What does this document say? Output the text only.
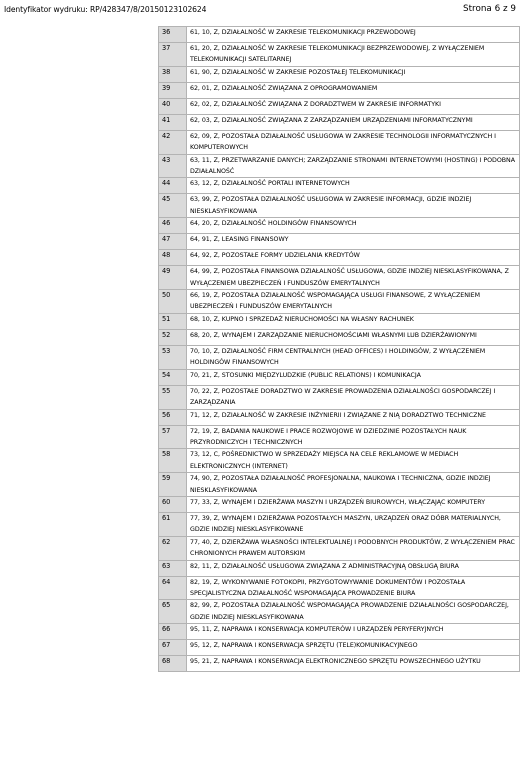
Identyfikator wydruku: RP/428347/8/20150123102624	Strona 6 z 9
36	61, 10, Z, DZIAŁALNOŚĆ W ZAKRESIE TELEKOMUNIKACJI PRZEWODOWEJ
37	61, 20, Z, DZIAŁALNOŚĆ W ZAKRESIE TELEKOMUNIKACJI BEZPRZEWODOWEJ, Z WYŁĄCZENIEM TELEKOMUNIKACJI SATELITARNEJ
38	61, 90, Z, DZIAŁALNOŚĆ W ZAKRESIE POZOSTAŁEJ TELEKOMUNIKACJI
39	62, 01, Z, DZIAŁALNOŚĆ ZWIĄZANA Z OPROGRAMOWANIEM
40	62, 02, Z, DZIAŁALNOŚĆ ZWIĄZANA Z DORADZTWEM W ZAKRESIE INFORMATYKI
41	62, 03, Z, DZIAŁALNOŚĆ ZWIĄZANA Z ZARZĄDZANIEM URZĄDZENIAMI INFORMATYCZNYMI
42	62, 09, Z, POZOSTAŁA DZIAŁALNOŚĆ USŁUGOWA W ZAKRESIE TECHNOLOGII INFORMATYCZNYCH I KOMPUTEROWYCH
43	63, 11, Z, PRZETWARZANIE DANYCH; ZARZĄDZANIE STRONAMI INTERNETOWYMI (HOSTING) I PODOBNA DZIAŁALNOŚĆ
44	63, 12, Z, DZIAŁALNOŚĆ PORTALI INTERNETOWYCH
45	63, 99, Z, POZOSTAŁA DZIAŁALNOŚĆ USŁUGOWA W ZAKRESIE INFORMACJI, GDZIE INDZIEJ NIESKLASYFIKOWANA
46	64, 20, Z, DZIAŁALNOŚĆ HOLDINGÓW FINANSOWYCH
47	64, 91, Z, LEASING FINANSOWY
48	64, 92, Z, POZOSTAŁE FORMY UDZIELANIA KREDYTÓW
49	64, 99, Z, POZOSTAŁA FINANSOWA DZIAŁALNOŚĆ USŁUGOWA, GDZIE INDZIEJ NIESKLASYFIKOWANA, Z WYŁĄCZENIEM UBEZPIECZEŃ I FUNDUSZÓW EMERYTALNYCH
50	66, 19, Z, POZOSTAŁA DZIAŁALNOŚĆ WSPOMAGAJĄCA USŁUGI FINANSOWE, Z WYŁĄCZENIEM UBEZPIECZEŃ I FUNDUSZÓW EMERYTALNYCH
51	68, 10, Z, KUPNO I SPRZEDAŻ NIERUCHOMOŚCI NA WŁASNY RACHUNEK
52	68, 20, Z, WYNAJEM I ZARZĄDZANIE NIERUCHOMOŚCIAMI WŁASNYMI LUB DZIERŻAWIONYMI
53	70, 10, Z, DZIAŁALNOŚĆ FIRM CENTRALNYCH (HEAD OFFICES) I HOLDINGÓW, Z WYŁĄCZENIEM HOLDINGÓW FINANSOWYCH
54	70, 21, Z, STOSUNKI MIĘDZYLUDZKIE (PUBLIC RELATIONS) I KOMUNIKACJA
55	70, 22, Z, POZOSTAŁE DORADZTWO W ZAKRESIE PROWADZENIA DZIAŁALNOŚCI GOSPODARCZEJ I ZARZĄDZANIA
56	71, 12, Z, DZIAŁALNOŚĆ W ZAKRESIE INŻYNIERII I ZWIĄZANE Z NIĄ DORADZTWO TECHNICZNE
57	72, 19, Z, BADANIA NAUKOWE I PRACE ROZWOJOWE W DZIEDZINIE POZOSTAŁYCH NAUK PRZYRODNICZYCH I TECHNICZNYCH
58	73, 12, C, POŚREDNICTWO W SPRZEDAŻY MIEJSCA NA CELE REKLAMOWE W MEDIACH ELEKTRONICZNYCH (INTERNET)
59	74, 90, Z, POZOSTAŁA DZIAŁALNOŚĆ PROFESJONALNA, NAUKOWA I TECHNICZNA, GDZIE INDZIEJ NIESKLASYFIKOWANA
60	77, 33, Z, WYNAJEM I DZIERŻAWA MASZYN I URZĄDZEŃ BIUROWYCH, WŁĄCZAJĄC KOMPUTERY
61	77, 39, Z, WYNAJEM I DZIERŻAWA POZOSTAŁYCH MASZYN, URZĄDZEŃ ORAZ DÓBR MATERIALNYCH, GDZIE INDZIEJ NIESKLASYFIKOWANE
62	77, 40, Z, DZIERŻAWA WŁASNOŚCI INTELEKTUALNEJ I PODOBNYCH PRODUKTÓW, Z WYŁĄCZENIEM PRAC CHRONIONYCH PRAWEM AUTORSKIM
63	82, 11, Z, DZIAŁALNOŚĆ USŁUGOWA ZWIĄZANA Z ADMINISTRACYJNĄ OBSŁUGĄ BIURA
64	82, 19, Z, WYKONYWANIE FOTOKOPII, PRZYGOTOWYWANIE DOKUMENTÓW I POZOSTAŁA SPECJALISTYCZNA DZIAŁALNOŚĆ WSPOMAGAJĄCA PROWADZENIE BIURA
65	82, 99, Z, POZOSTAŁA DZIAŁALNOŚĆ WSPOMAGAJĄCA PROWADZENIE DZIAŁALNOŚCI GOSPODARCZEJ, GDZIE INDZIEJ NIESKLASYFIKOWANA
66	95, 11, Z, NAPRAWA I KONSERWACJA KOMPUTERÓW I URZĄDZEŃ PERYFERYJNYCH
67	95, 12, Z, NAPRAWA I KONSERWACJA SPRZĘTU (TELE)KOMUNIKACYJNEGO
68	95, 21, Z, NAPRAWA I KONSERWACJA ELEKTRONICZNEGO SPRZĘTU POWSZECHNEGO UŻYTKU
